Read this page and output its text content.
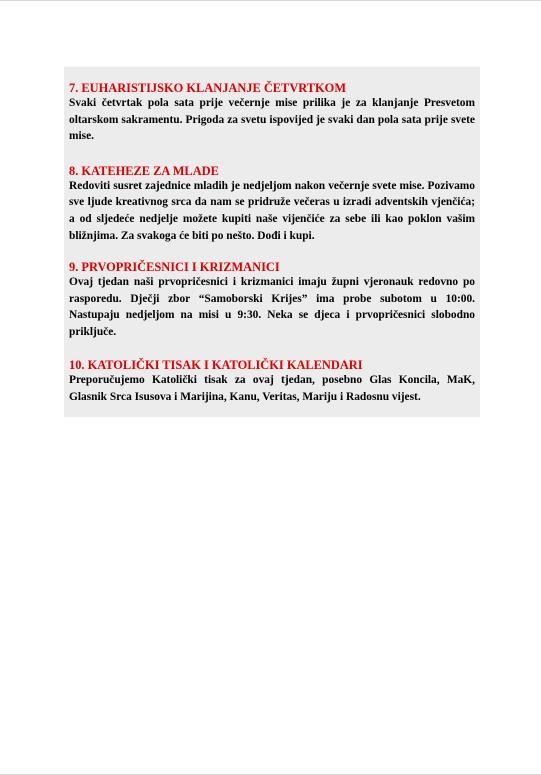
7. EUHARISTIJSKO KLANJANJE ČETVRTKOM

Svaki četvrtak pola sata prije večernje mise prilika je za klanjanje Presvetom oltarskom sakramentu. Prigoda za svetu ispovijed je svaki dan pola sata prije svete mise.

8. KATEHEZE ZA MLADE

Redoviti susret zajednice mladih je nedjeljom nakon večernje svete mise. Pozivamo sve ljude kreativnog srca da nam se pridruže večeras u izradi adventskih vjenčića; a od sljedeće nedjelje možete kupiti naše vijenčiće za sebe ili kao poklon vašim bližnjima. Za svakoga će biti po nešto. Dođi i kupi.

9. PRVOPRIČESNICI I KRIZMANICI

Ovaj tjedan naši prvopričesnici i krizmanici imaju župni vjeronauk redovno po rasporedu. Dječji zbor “Samoborski Krijes” ima probe subotom u 10:00. Nastupaju nedjeljom na misi u 9:30. Neka se djeca i prvopričesnici slobodno priključe.

10. KATOLIČKI TISAK I KATOLIČKI KALENDARI

Preporučujemo Katolički tisak za ovaj tjedan, posebno Glas Koncila, MaK, Glasnik Srca Isusova i Marijina, Kanu, Veritas, Mariju i Radosnu vijest.
